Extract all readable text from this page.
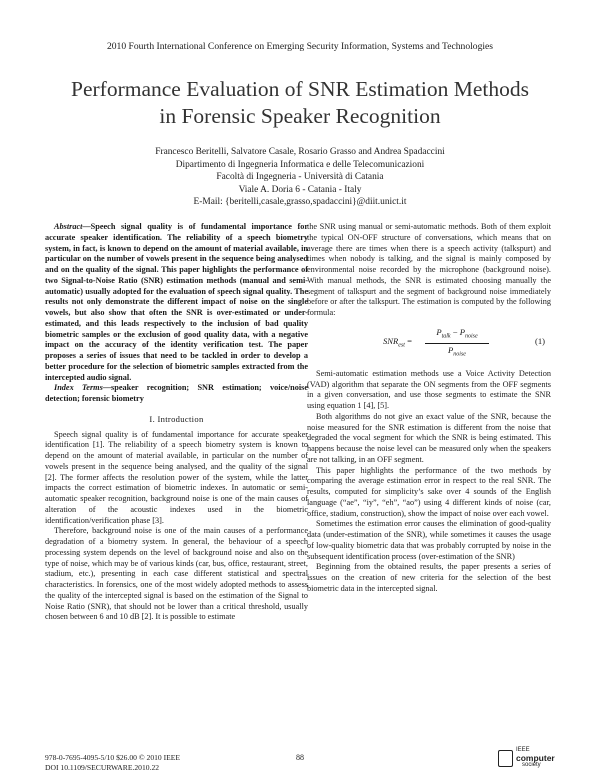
2010 Fourth International Conference on Emerging Security Information, Systems and Technologies
Performance Evaluation of SNR Estimation Methods
in Forensic Speaker Recognition
Francesco Beritelli, Salvatore Casale, Rosario Grasso and Andrea Spadaccini
Dipartimento di Ingegneria Informatica e delle Telecomunicazioni
Facoltà di Ingegneria - Università di Catania
Viale A. Doria 6 - Catania - Italy
E-Mail: {beritelli,casale,grasso,spadaccini}@diit.unict.it

Abstract—Speech signal quality is of fundamental importance for accurate speaker identification. The reliability of a speech biometry system, in fact, is known to depend on the amount of material available, in particular on the number of vowels present in the sequence being analysed and on the quality of the signal. This paper highlights the performance of two Signal-to-Noise Ratio (SNR) estimation methods (manual and semi-automatic) usually adopted for the evaluation of speech signal quality. The results not only demonstrate the different impact of noise on the single vowels, but also show that often the SNR is over-estimated or under-estimated, and this leads respectively to the inclusion of bad quality biometric samples or the exclusion of good quality data, with a negative impact on the accuracy of the identity verification test. The paper proposes a series of issues that need to be tackled in order to develop a better procedure for the selection of biometric samples extracted from the intercepted audio signal.

Index Terms—speaker recognition; SNR estimation; voice/noise detection; forensic biometry

I. Introduction

Speech signal quality is of fundamental importance for accurate speaker identification [1]. The reliability of a speech biometry system is known to depend on the amount of material available, in particular on the number of vowels present in the sequence being analysed, and the quality of the signal [2]. The former affects the resolution power of the system, while the latter impacts the correct estimation of biometric indexes. In automatic or semi-automatic speaker recognition, background noise is one of the main causes of alteration of the acoustic indexes used in the biometric identification/verification phase [3].

Therefore, background noise is one of the main causes of a performance degradation of a biometry system. In general, the behaviour of a speech processing system depends on the level of background noise and also on the type of noise, which may be of various kinds (car, bus, office, restaurant, street, stadium, etc.), presenting in each case different statistical and spectral characteristics. In forensics, one of the most widely adopted methods to assess the quality of the intercepted signal is based on the estimation of the Signal to Noise Ratio (SNR), that should not be lower than a critical threshold, usually chosen between 6 and 10 dB [2]. It is possible to estimate

the SNR using manual or semi-automatic methods. Both of them exploit the typical ON-OFF structure of conversations, which means that on average there are times when there is a speech activity (talkspurt) and times when nobody is talking, and the signal is mainly composed by environmental noise recorded by the microphone (background noise). With manual methods, the SNR is estimated choosing manually the segment of talkspurt and the segment of background noise immediately before or after the talkspurt. The estimation is computed by the following formula:

$SNR_{est}$ =
$P_{talk} - P_{noise}$
$P_{noise}$
(1)

Semi-automatic estimation methods use a Voice Activity Detection (VAD) algorithm that separate the ON segments from the OFF segments in a given conversation, and use those segments to estimate the SNR using equation 1 [4], [5].

Both algorithms do not give an exact value of the SNR, because the noise measured for the SNR estimation is different from the noise that degraded the vocal segment for which the SNR is being estimated. This happens because the noise level can be measured only when the speakers are not talking, in an OFF segment.

This paper highlights the performance of the two methods by comparing the average estimation error in respect to the real SNR. The results, computed for simplicity’s sake over 4 sounds of the English language (“ae”, “iy”, “eh”, “ao”) using 4 different kinds of noise (car, office, stadium, construction), show the impact of noise over each vowel.

Sometimes the estimation error causes the elimination of good-quality data (under-estimation of the SNR), while sometimes it causes the usage of low-quality biometric data that was probably corrupted by noise in the subsequent identification process (over-estimation of the SNR)

Beginning from the obtained results, the paper presents a series of issues on the creation of new criteria for the selection of the best biometric data in the intercepted signal.

978-0-7695-4095-5/10 $26.00 © 2010 IEEE
DOI 10.1109/SECURWARE.2010.22
88
IEEE
computer
society
